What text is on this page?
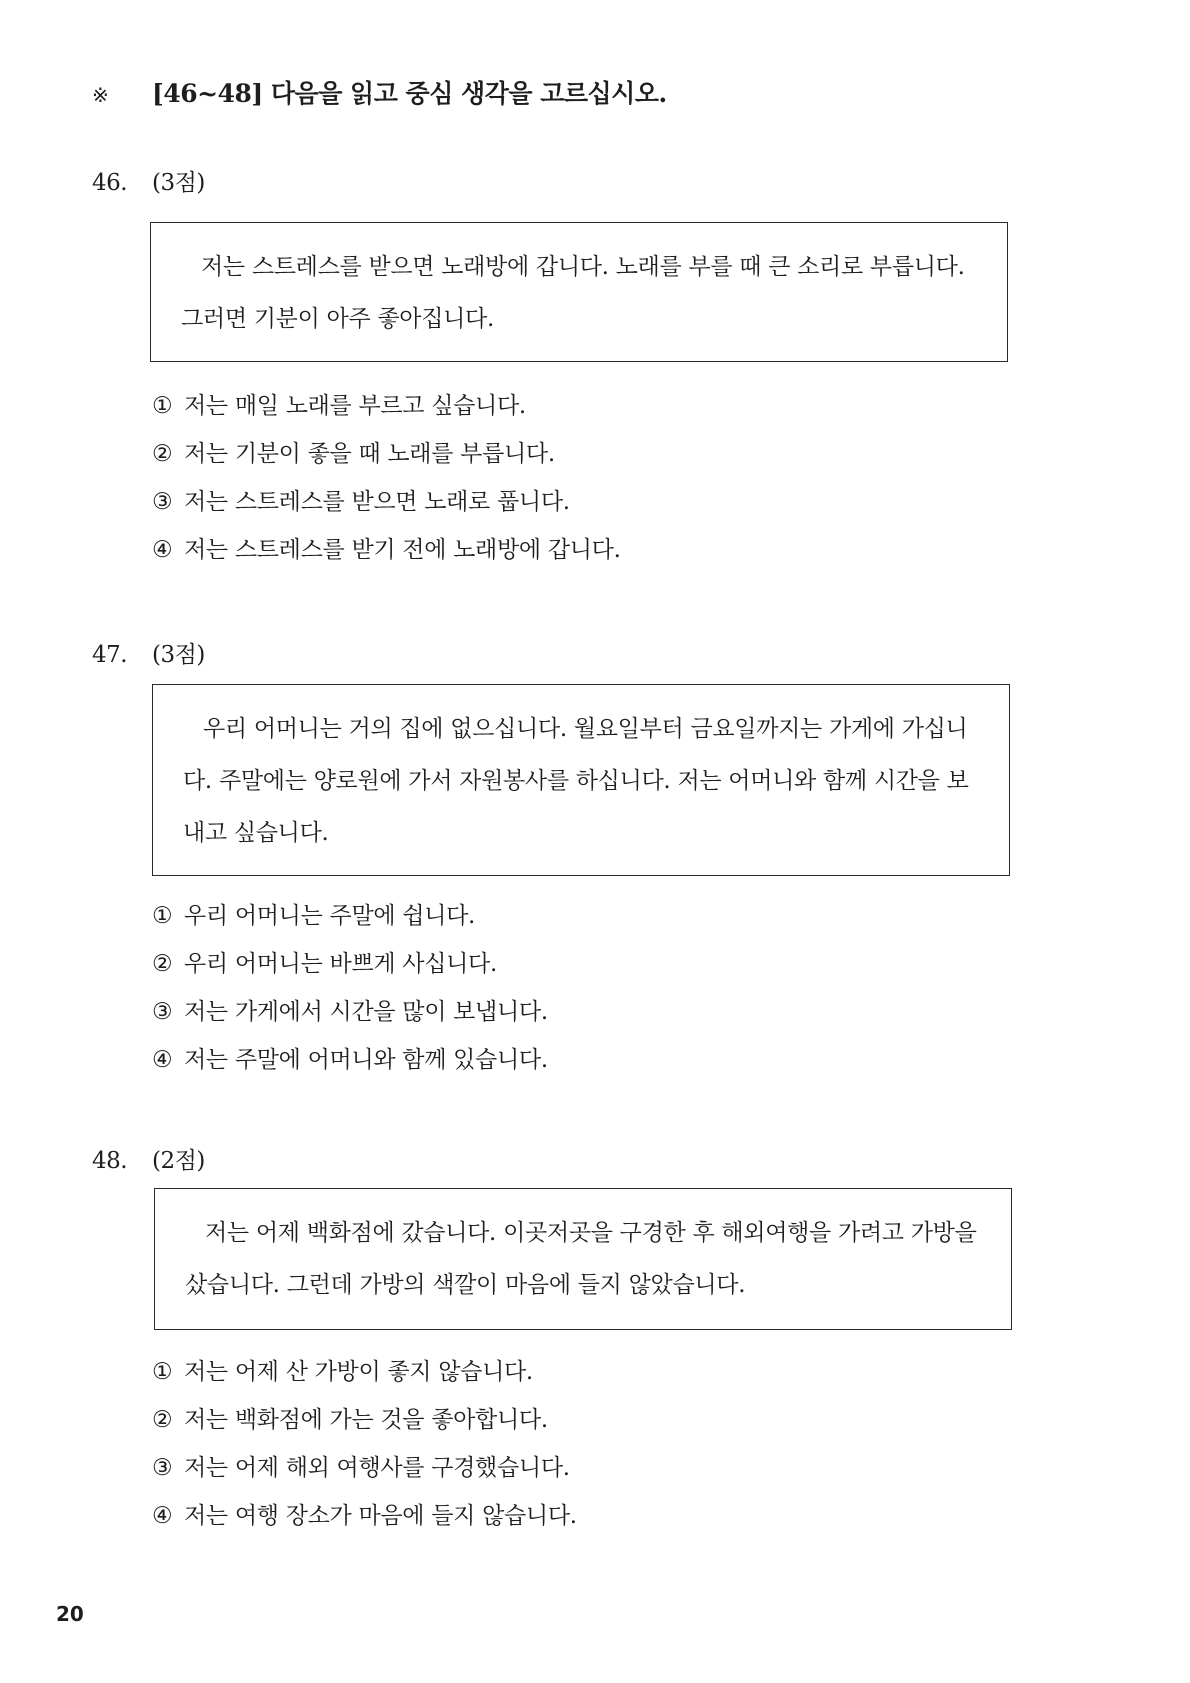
※ [46~48] 다음을 읽고 중심 생각을 고르십시오.
46. (3점)
저는 스트레스를 받으면 노래방에 갑니다. 노래를 부를 때 큰 소리로 부릅니다. 그러면 기분이 아주 좋아집니다.
① 저는 매일 노래를 부르고 싶습니다.
② 저는 기분이 좋을 때 노래를 부릅니다.
③ 저는 스트레스를 받으면 노래로 풉니다.
④ 저는 스트레스를 받기 전에 노래방에 갑니다.
47. (3점)
우리 어머니는 거의 집에 없으십니다. 월요일부터 금요일까지는 가게에 가십니다. 주말에는 양로원에 가서 자원봉사를 하십니다. 저는 어머니와 함께 시간을 보내고 싶습니다.
① 우리 어머니는 주말에 쉽니다.
② 우리 어머니는 바쁘게 사십니다.
③ 저는 가게에서 시간을 많이 보냅니다.
④ 저는 주말에 어머니와 함께 있습니다.
48. (2점)
저는 어제 백화점에 갔습니다. 이곳저곳을 구경한 후 해외여행을 가려고 가방을 샀습니다. 그런데 가방의 색깔이 마음에 들지 않았습니다.
① 저는 어제 산 가방이 좋지 않습니다.
② 저는 백화점에 가는 것을 좋아합니다.
③ 저는 어제 해외 여행사를 구경했습니다.
④ 저는 여행 장소가 마음에 들지 않습니다.
20
